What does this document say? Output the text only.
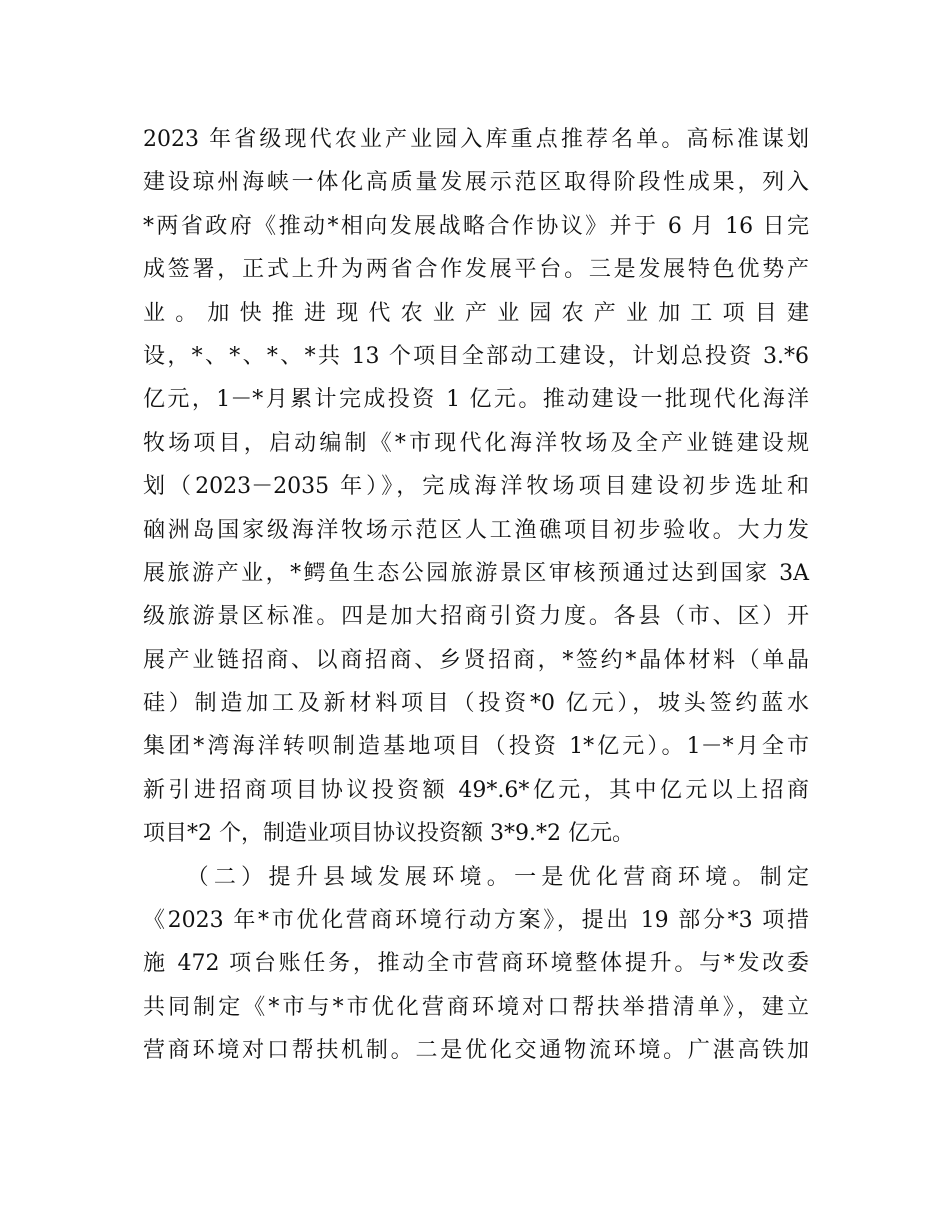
2023 年省级现代农业产业园入库重点推荐名单。高标准谋划
建设琼州海峡一体化高质量发展示范区取得阶段性成果，列入
*两省政府《推动*相向发展战略合作协议》并于 6 月 16 日完
成签署，正式上升为两省合作发展平台。三是发展特色优势产
业。加快推进现代农业产业园农产业加工项目建
设，*、*、*、*共 13 个项目全部动工建设，计划总投资 3.*6
亿元，1－*月累计完成投资 1 亿元。推动建设一批现代化海洋
牧场项目，启动编制《*市现代化海洋牧场及全产业链建设规
划（2023－2035 年）》，完成海洋牧场项目建设初步选址和
硇洲岛国家级海洋牧场示范区人工渔礁项目初步验收。大力发
展旅游产业，*鳄鱼生态公园旅游景区审核预通过达到国家 3A
级旅游景区标准。四是加大招商引资力度。各县（市、区）开
展产业链招商、以商招商、乡贤招商，*签约*晶体材料（单晶
硅）制造加工及新材料项目（投资*0 亿元），坡头签约蓝水
集团*湾海洋转呗制造基地项目（投资 1*亿元）。1－*月全市
新引进招商项目协议投资额 49*.6*亿元，其中亿元以上招商
项目*2 个，制造业项目协议投资额 3*9.*2 亿元。
　　（二）提升县域发展环境。一是优化营商环境。制定
《2023 年*市优化营商环境行动方案》，提出 19 部分*3 项措
施 472 项台账任务，推动全市营商环境整体提升。与*发改委
共同制定《*市与*市优化营商环境对口帮扶举措清单》，建立
营商环境对口帮扶机制。二是优化交通物流环境。广湛高铁加
